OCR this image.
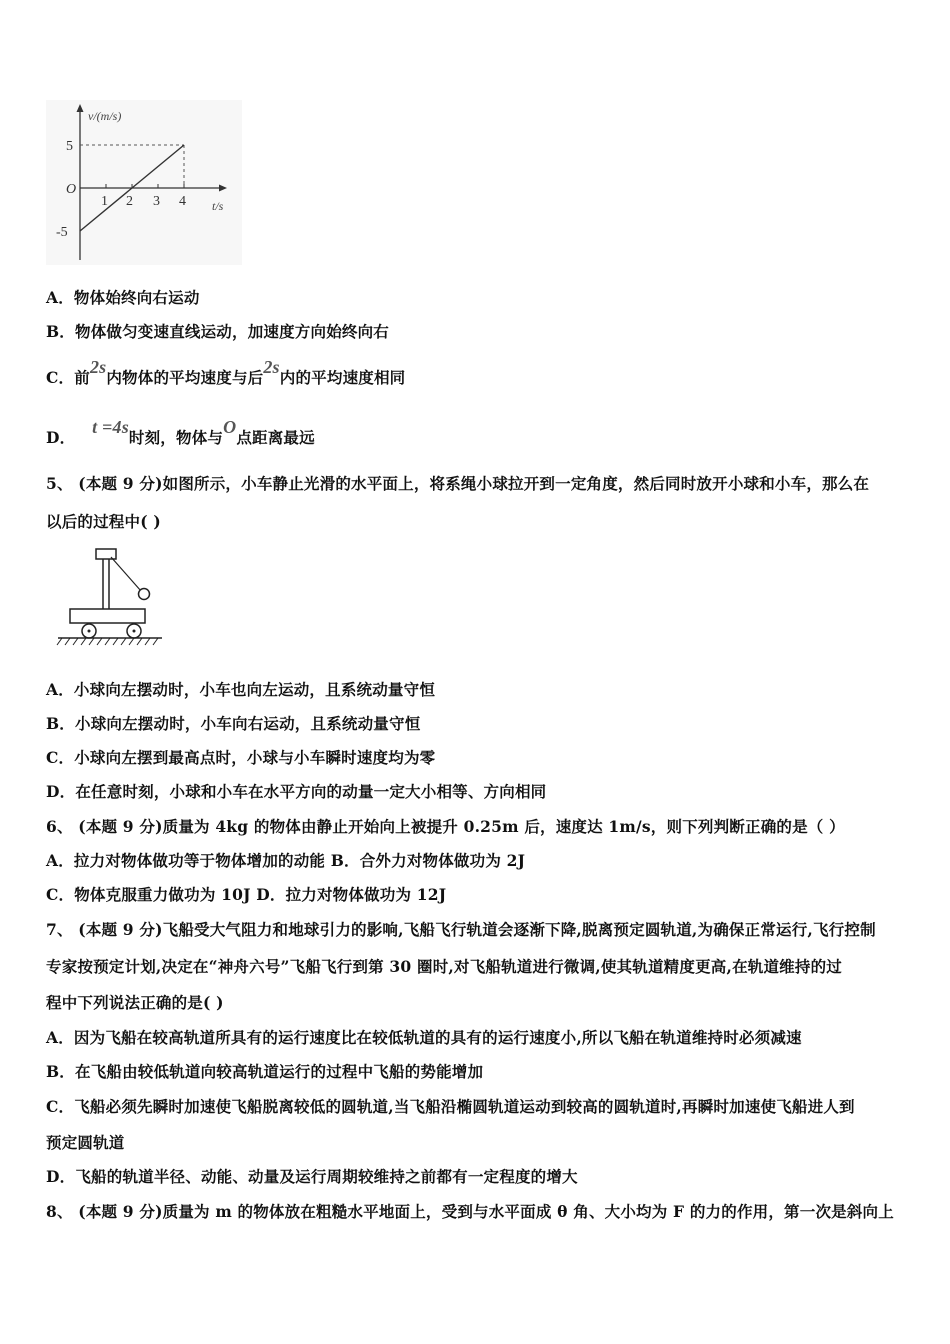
v/(m/s)
t/s
O
5
-5
1 2 3 4
A．物体始终向右运动
B．物体做匀变速直线运动，加速度方向始终向右
C．前2s内物体的平均速度与后2s内的平均速度相同
D．   t =4s时刻，物体与O点距离最远
5、 (本题 9 分)如图所示，小车静止光滑的水平面上，将系绳小球拉开到一定角度，然后同时放开小球和小车，那么在
以后的过程中( )
A．小球向左摆动时，小车也向左运动，且系统动量守恒
B．小球向左摆动时，小车向右运动，且系统动量守恒
C．小球向左摆到最高点时，小球与小车瞬时速度均为零
D．在任意时刻，小球和小车在水平方向的动量一定大小相等、方向相同
6、 (本题 9 分)质量为 4kg 的物体由静止开始向上被提升 0.25m 后，速度达 1m/s，则下列判断正确的是（ ）
A．拉力对物体做功等于物体增加的动能 B．合外力对物体做功为 2J
C．物体克服重力做功为 10J D．拉力对物体做功为 12J
7、 (本题 9 分)飞船受大气阻力和地球引力的影响,飞船飞行轨道会逐渐下降,脱离预定圆轨道,为确保正常运行,飞行控制
专家按预定计划,决定在“神舟六号”飞船飞行到第 30 圈时,对飞船轨道进行微调,使其轨道精度更高,在轨道维持的过
程中下列说法正确的是( )
A．因为飞船在较高轨道所具有的运行速度比在较低轨道的具有的运行速度小,所以飞船在轨道维持时必须减速
B．在飞船由较低轨道向较高轨道运行的过程中飞船的势能增加
C．飞船必须先瞬时加速使飞船脱离较低的圆轨道,当飞船沿椭圆轨道运动到较高的圆轨道时,再瞬时加速使飞船进人到
预定圆轨道
D．飞船的轨道半径、动能、动量及运行周期较维持之前都有一定程度的增大
8、 (本题 9 分)质量为 m 的物体放在粗糙水平地面上，受到与水平面成 θ 角、大小均为 F 的力的作用，第一次是斜向上
